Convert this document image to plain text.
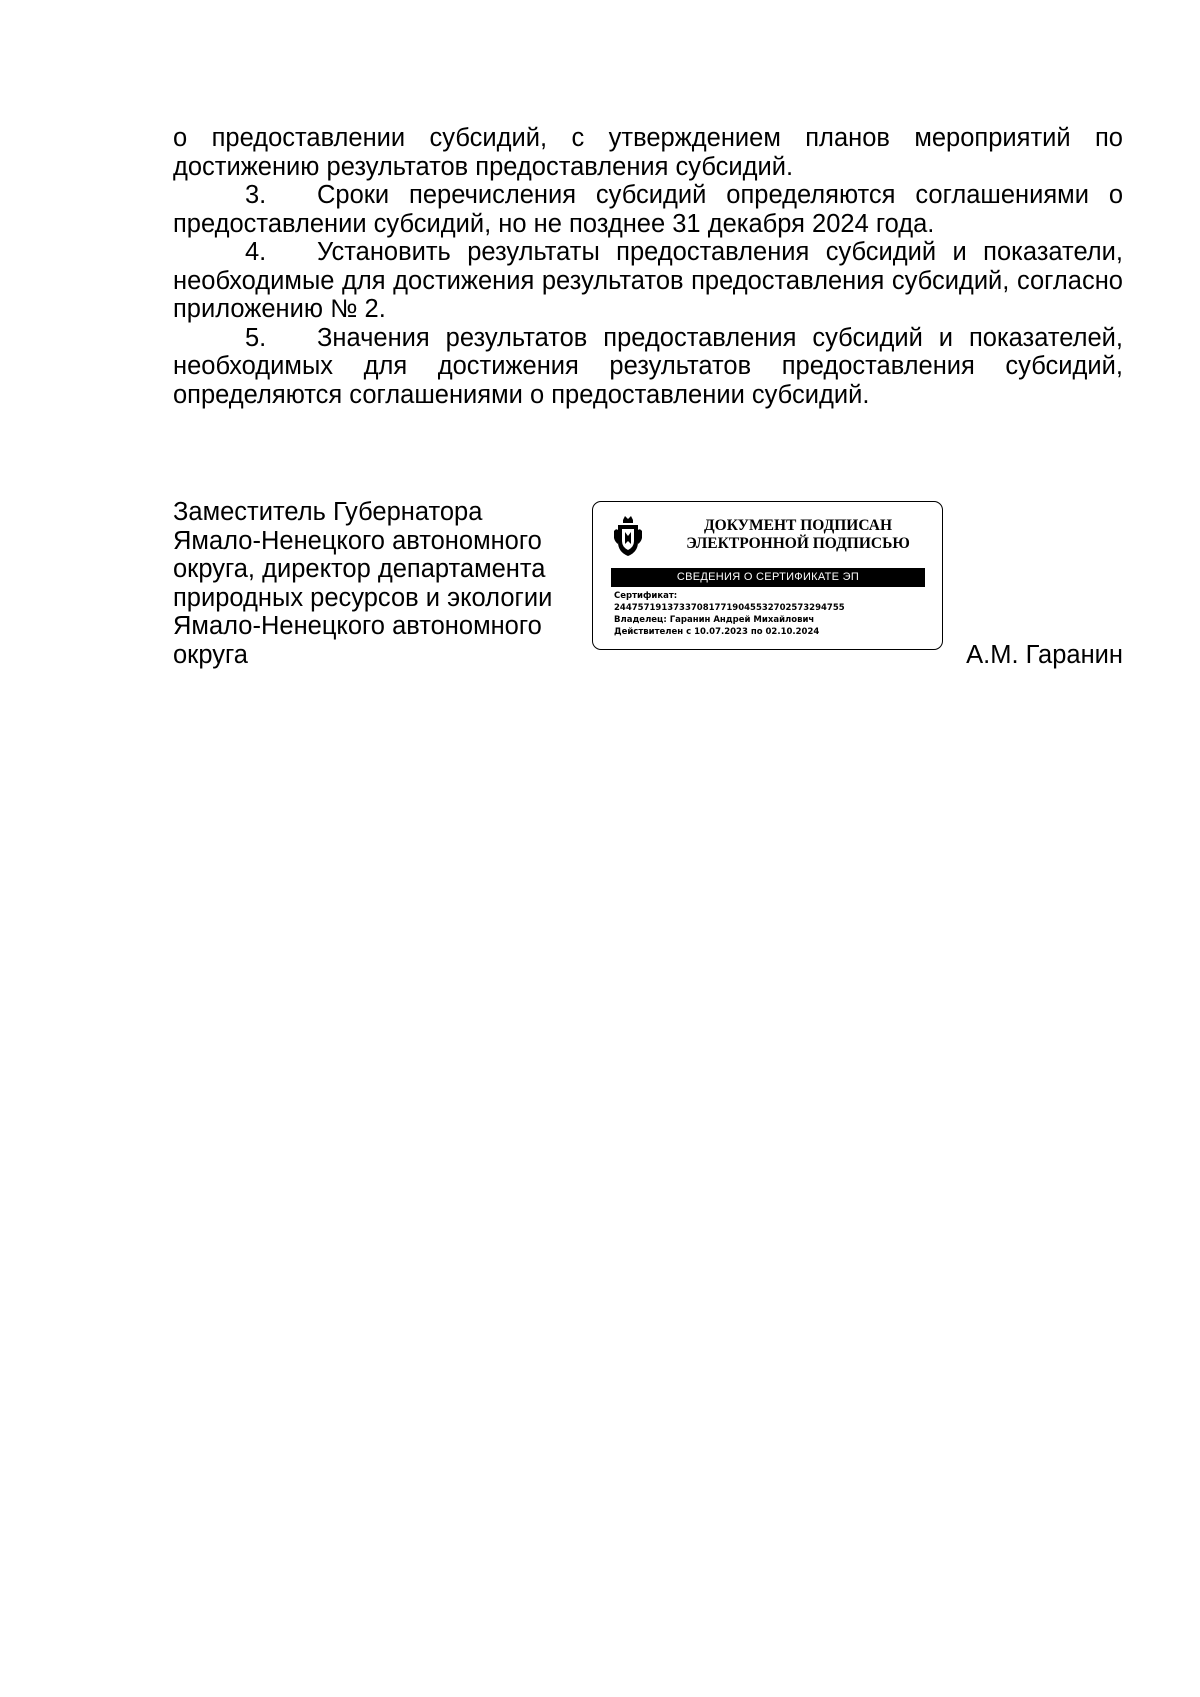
о предоставлении субсидий, с утверждением планов мероприятий по достижению результатов предоставления субсидий.

3. Сроки перечисления субсидий определяются соглашениями о предоставлении субсидий, но не позднее 31 декабря 2024 года.

4. Установить результаты предоставления субсидий и показатели, необходимые для достижения результатов предоставления субсидий, согласно приложению № 2.

5. Значения результатов предоставления субсидий и показателей, необходимых для достижения результатов предоставления субсидий, определяются соглашениями о предоставлении субсидий.

Заместитель Губернатора
Ямало-Ненецкого автономного
округа, директор департамента
природных ресурсов и экологии
Ямало-Ненецкого автономного
округа
ДОКУМЕНТ ПОДПИСАН
ЭЛЕКТРОННОЙ ПОДПИСЬЮ
СВЕДЕНИЯ О СЕРТИФИКАТЕ ЭП
Сертификат:
244757191373370817719045532702573294755
Владелец: Гаранин Андрей Михайлович
Действителен с 10.07.2023 по 02.10.2024
А.М. Гаранин
